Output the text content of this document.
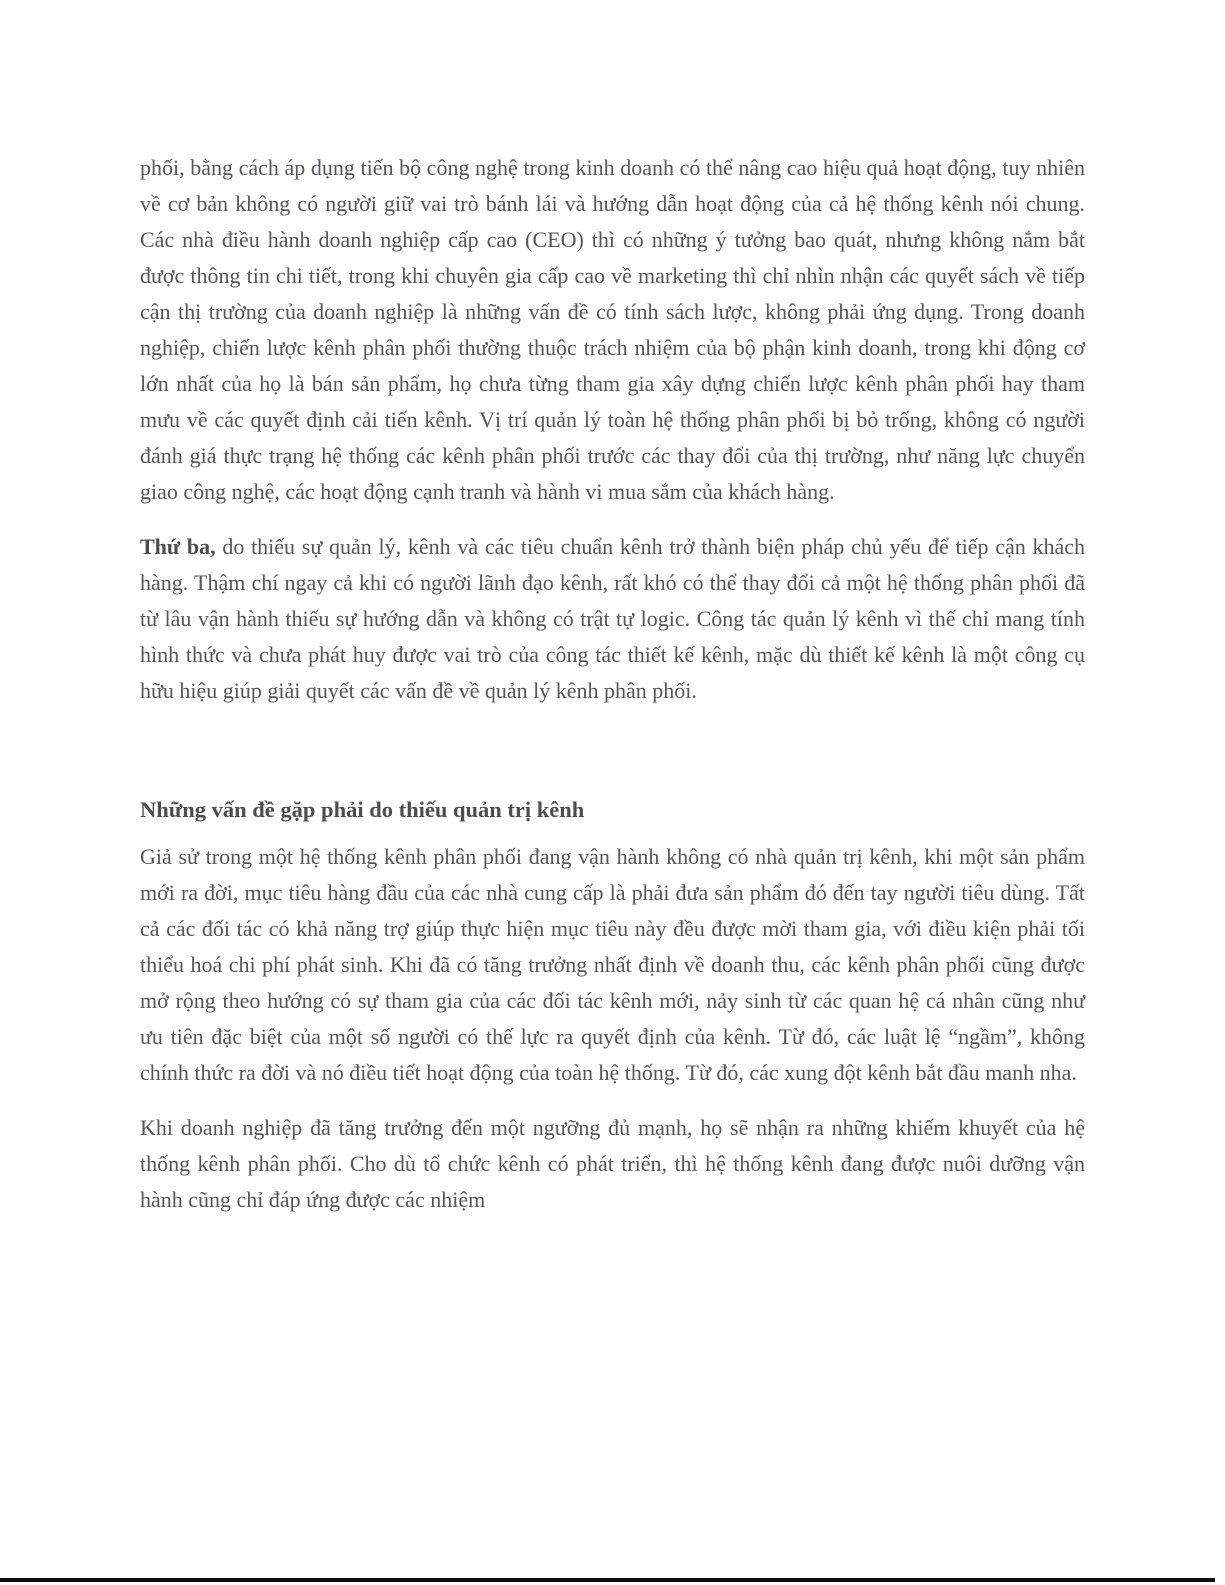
phối, bằng cách áp dụng tiến bộ công nghệ trong kinh doanh có thể nâng cao hiệu quả hoạt động, tuy nhiên về cơ bản không có người giữ vai trò bánh lái và hướng dẫn hoạt động của cả hệ thống kênh nói chung. Các nhà điều hành doanh nghiệp cấp cao (CEO) thì có những ý tưởng bao quát, nhưng không nắm bắt được thông tin chi tiết, trong khi chuyên gia cấp cao về marketing thì chỉ nhìn nhận các quyết sách về tiếp cận thị trường của doanh nghiệp là những vấn đề có tính sách lược, không phải ứng dụng. Trong doanh nghiệp, chiến lược kênh phân phối thường thuộc trách nhiệm của bộ phận kinh doanh, trong khi động cơ lớn nhất của họ là bán sản phẩm, họ chưa từng tham gia xây dựng chiến lược kênh phân phối hay tham mưu về các quyết định cải tiến kênh. Vị trí quản lý toàn hệ thống phân phối bị bỏ trống, không có người đánh giá thực trạng hệ thống các kênh phân phối trước các thay đổi của thị trường, như năng lực chuyển giao công nghệ, các hoạt động cạnh tranh và hành vi mua sắm của khách hàng.

Thứ ba, do thiếu sự quản lý, kênh và các tiêu chuẩn kênh trở thành biện pháp chủ yếu để tiếp cận khách hàng. Thậm chí ngay cả khi có người lãnh đạo kênh, rất khó có thể thay đổi cả một hệ thống phân phối đã từ lâu vận hành thiếu sự hướng dẫn và không có trật tự logic. Công tác quản lý kênh vì thế chỉ mang tính hình thức và chưa phát huy được vai trò của công tác thiết kế kênh, mặc dù thiết kế kênh là một công cụ hữu hiệu giúp giải quyết các vấn đề về quản lý kênh phân phối.

Những vấn đề gặp phải do thiếu quản trị kênh

Giả sử trong một hệ thống kênh phân phối đang vận hành không có nhà quản trị kênh, khi một sản phẩm mới ra đời, mục tiêu hàng đầu của các nhà cung cấp là phải đưa sản phẩm đó đến tay người tiêu dùng. Tất cả các đối tác có khả năng trợ giúp thực hiện mục tiêu này đều được mời tham gia, với điều kiện phải tối thiểu hoá chi phí phát sinh. Khi đã có tăng trưởng nhất định về doanh thu, các kênh phân phối cũng được mở rộng theo hướng có sự tham gia của các đối tác kênh mới, nảy sinh từ các quan hệ cá nhân cũng như ưu tiên đặc biệt của một số người có thế lực ra quyết định của kênh. Từ đó, các luật lệ “ngầm”, không chính thức ra đời và nó điều tiết hoạt động của toàn hệ thống. Từ đó, các xung đột kênh bắt đầu manh nha.

Khi doanh nghiệp đã tăng trưởng đến một ngưỡng đủ mạnh, họ sẽ nhận ra những khiếm khuyết của hệ thống kênh phân phối. Cho dù tổ chức kênh có phát triển, thì hệ thống kênh đang được nuôi dưỡng vận hành cũng chỉ đáp ứng được các nhiệm
